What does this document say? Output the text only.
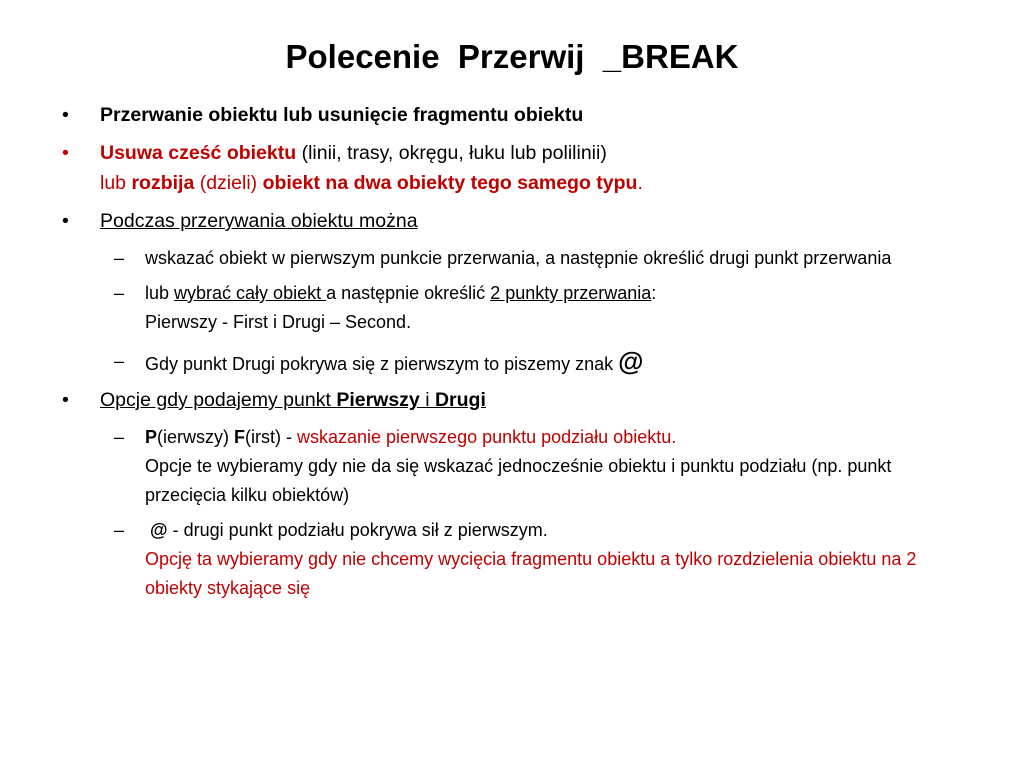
Polecenie  Przerwij  _BREAK
• Przerwanie obiektu lub usunięcie fragmentu obiektu
• Usuwa cześć obiektu (linii, trasy, okręgu, łuku lub polilinii)
lub rozbija (dzieli) obiekt na dwa obiekty tego samego typu.
• Podczas przerywania obiektu można
– wskazać obiekt w pierwszym punkcie przerwania, a następnie określić drugi punkt przerwania
– lub wybrać cały obiekt a następnie określić 2 punkty przerwania:
Pierwszy - First i Drugi – Second.
– Gdy punkt Drugi pokrywa się z pierwszym to piszemy znak @
• Opcje gdy podajemy punkt Pierwszy i Drugi
– P(ierwszy) F(irst) - wskazanie pierwszego punktu podziału obiektu.
Opcje te wybieramy gdy nie da się wskazać jednocześnie obiektu i punktu podziału (np. punkt przecięcia kilku obiektów)
– @ - drugi punkt podziału pokrywa sił z pierwszym.
Opcję ta wybieramy gdy nie chcemy wycięcia fragmentu obiektu a tylko rozdzielenia obiektu na 2 obiekty stykające się
